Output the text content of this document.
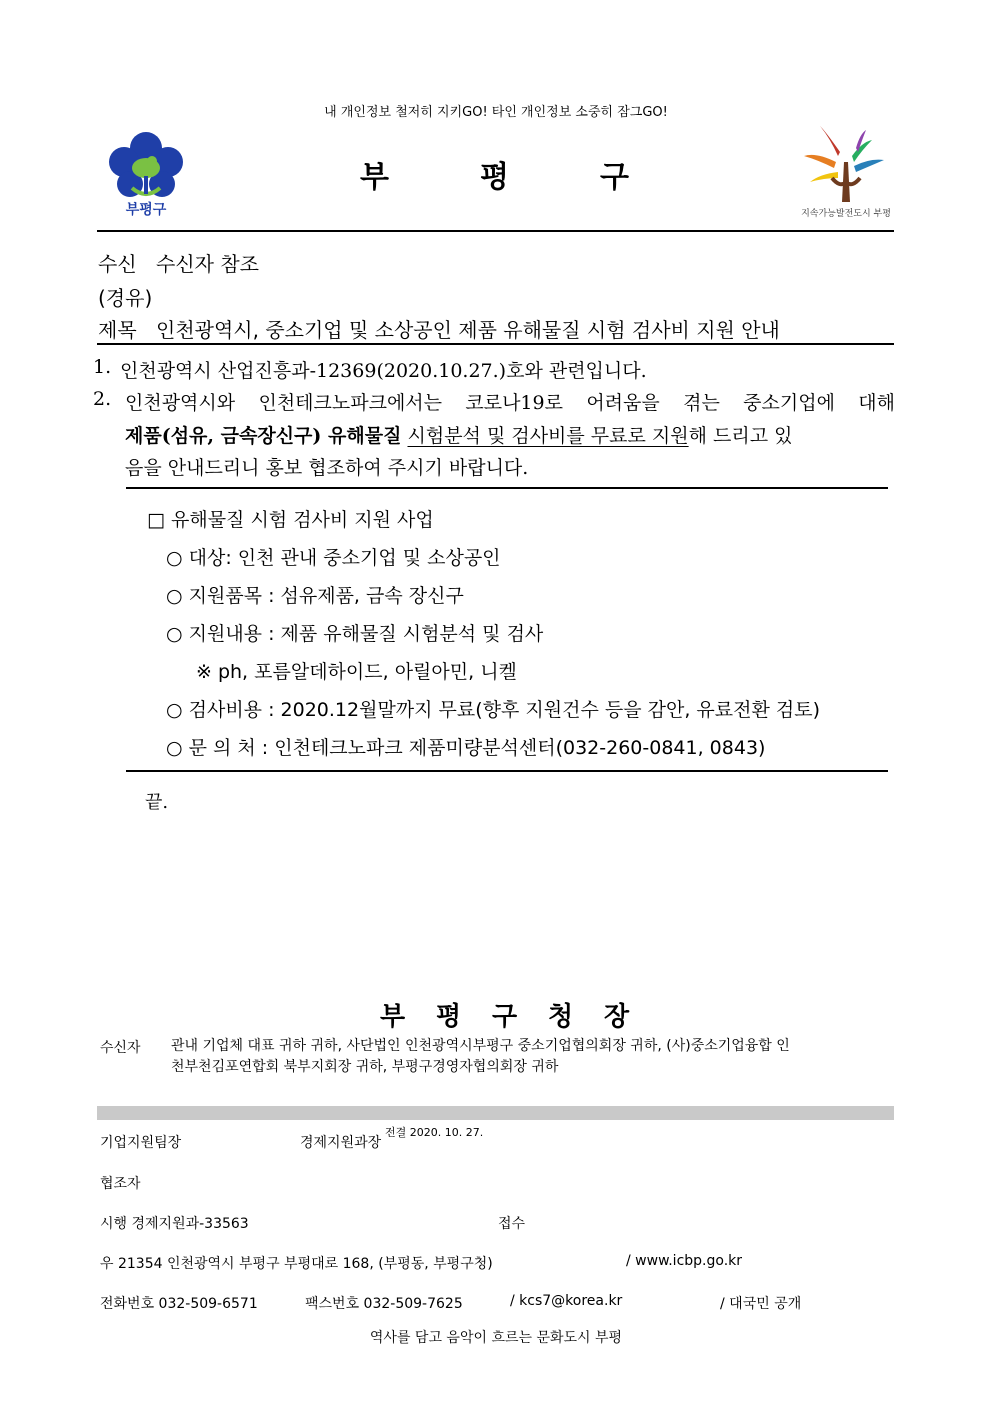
내 개인정보 철저히 지키GO! 타인 개인정보 소중히 잠그GO!
부평구
부	평	구
지속가능발전도시 부평
수신 수신자 참조
(경유)
제목 인천광역시, 중소기업 및 소상공인 제품 유해물질 시험 검사비 지원 안내
1. 인천광역시 산업진흥과-12369(2020.10.27.)호와 관련입니다.
2. 인천광역시와 인천테크노파크에서는 코로나19로 어려움을 겪는 중소기업에 대해
제품(섬유, 금속장신구) 유해물질 시험분석 및 검사비를 무료로 지원해 드리고 있
음을 안내드리니 홍보 협조하여 주시기 바랍니다.
□ 유해물질 시험 검사비 지원 사업
○ 대상: 인천 관내 중소기업 및 소상공인
○ 지원품목 : 섬유제품, 금속 장신구
○ 지원내용 : 제품 유해물질 시험분석 및 검사
※ ph, 포름알데하이드, 아릴아민, 니켈
○ 검사비용 : 2020.12월말까지 무료(향후 지원건수 등을 감안, 유료전환 검토)
○ 문 의 처 : 인천테크노파크 제품미량분석센터(032-260-0841, 0843)
끝.
부 평 구 청 장
수신자 관내 기업체 대표 귀하 귀하, 사단법인 인천광역시부평구 중소기업협의회장 귀하, (사)중소기업융합 인
천부천김포연합회 북부지회장 귀하, 부평구경영자협의회장 귀하
기업지원팀장	경제지원과장
전결 2020. 10. 27.
협조자
시행 경제지원과-33563	접수
우 21354 인천광역시 부평구 부평대로 168, (부평동, 부평구청)	/ www.icbp.go.kr
전화번호 032-509-6571	팩스번호 032-509-7625	/ kcs7@korea.kr	/ 대국민 공개
역사를 담고 음악이 흐르는 문화도시 부평
